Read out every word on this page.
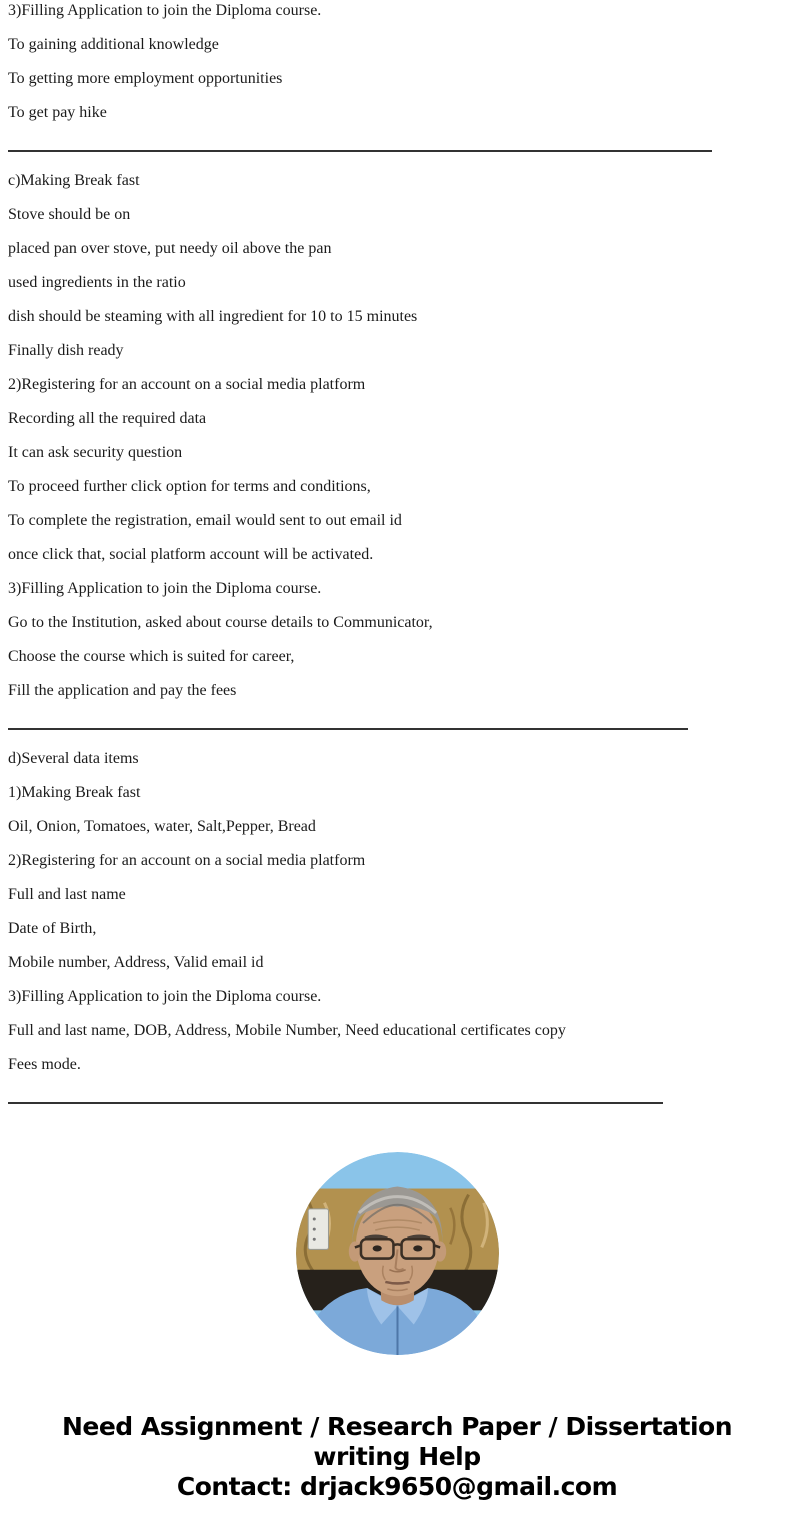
3)Filling Application to join the Diploma course.

To gaining additional knowledge

To getting more employment opportunities

To get pay hike

c)Making Break fast

Stove should be on

placed pan over stove, put needy oil above the pan

used ingredients in the ratio

dish should be steaming with all ingredient for 10 to 15 minutes

Finally dish ready

2)Registering for an account on a social media platform

Recording all the required data

It can ask security question

To proceed further click option for terms and conditions,

To complete the registration, email would sent to out email id

once click that, social platform account will be activated.

3)Filling Application to join the Diploma course.

Go to the Institution, asked about course details to Communicator,

Choose the course which is suited for career,

Fill the application and pay the fees

d)Several data items

1)Making Break fast

Oil, Onion, Tomatoes, water, Salt,Pepper, Bread

2)Registering for an account on a social media platform

Full and last name

Date of Birth,

Mobile number, Address, Valid email id

3)Filling Application to join the Diploma course.

Full and last name, DOB, Address, Mobile Number, Need educational certificates copy

Fees mode.

Need Assignment / Research Paper / Dissertation writing Help
Contact: drjack9650@gmail.com
